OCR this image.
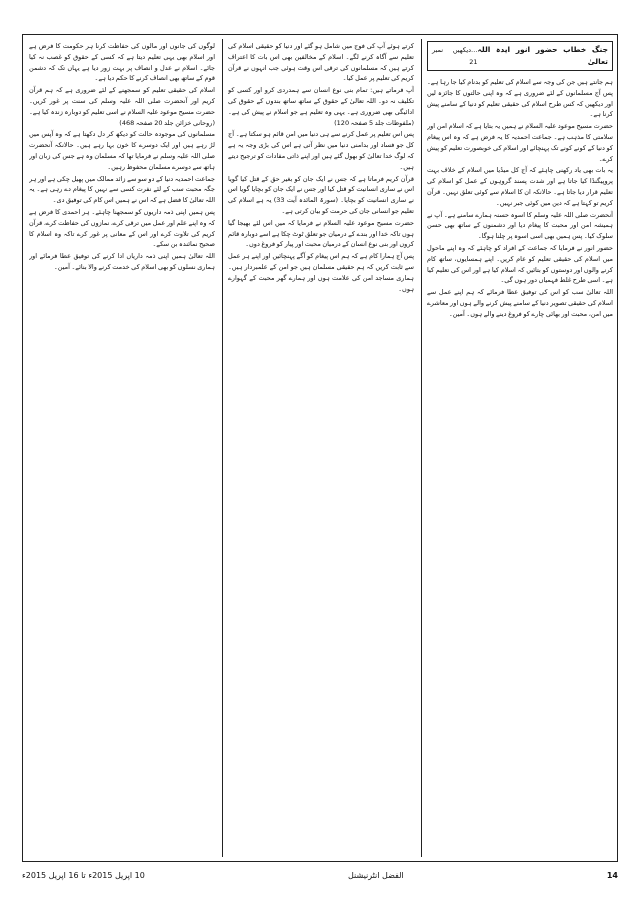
جنگ خطاب حضور انور ایدہ اللہ تعالیٰ
…دیکھیں نمبر 21

ہم جانتے ہیں جن کی وجہ سے اسلام کی تعلیم کو بدنام کیا جا رہا ہے۔ پس آج مسلمانوں کے لئے ضروری ہے کہ وہ اپنی حالتوں کا جائزہ لیں اور دیکھیں کہ کس طرح اسلام کی حقیقی تعلیم کو دنیا کے سامنے پیش کرنا ہے۔

حضرت مسیح موعود علیہ السلام نے ہمیں یہ بتایا ہے کہ اسلام امن اور سلامتی کا مذہب ہے۔ جماعت احمدیہ کا یہ فرض ہے کہ وہ اس پیغام کو دنیا کے کونے کونے تک پہنچائے اور اسلام کی خوبصورت تعلیم کو پیش کرے۔

یہ بات بھی یاد رکھنی چاہئے کہ آج کل میڈیا میں اسلام کے خلاف بہت پروپیگنڈا کیا جاتا ہے اور شدت پسند گروہوں کے عمل کو اسلام کی تعلیم قرار دیا جاتا ہے۔ حالانکہ ان کا اسلام سے کوئی تعلق نہیں۔ قرآن کریم تو کہتا ہے کہ دین میں کوئی جبر نہیں۔

آنحضرت صلی اللہ علیہ وسلم کا اسوہ حسنہ ہمارے سامنے ہے۔ آپ نے ہمیشہ امن اور محبت کا پیغام دیا اور دشمنوں کے ساتھ بھی حسن سلوک کیا۔ پس ہمیں بھی اسی اسوہ پر چلنا ہوگا۔

حضور انور نے فرمایا کہ جماعت کے افراد کو چاہئے کہ وہ اپنے ماحول میں اسلام کی حقیقی تعلیم کو عام کریں۔ اپنے ہمسایوں، ساتھ کام کرنے والوں اور دوستوں کو بتائیں کہ اسلام کیا ہے اور اس کی تعلیم کیا ہے۔ اسی طرح غلط فہمیاں دور ہوں گی۔

اللہ تعالیٰ سب کو اس کی توفیق عطا فرمائے کہ ہم اپنے عمل سے اسلام کی حقیقی تصویر دنیا کے سامنے پیش کرنے والے ہوں اور معاشرے میں امن، محبت اور بھائی چارے کو فروغ دینے والے ہوں۔ آمین۔

کرتے ہوئے آپ کی فوج میں شامل ہو گئے اور دنیا کو حقیقی اسلام کی تعلیم سے آگاہ کرنے لگے۔ اسلام کے مخالفین بھی اس بات کا اعتراف کرتے ہیں کہ مسلمانوں کی ترقی اس وقت ہوئی جب انہوں نے قرآن کریم کی تعلیم پر عمل کیا۔

آپ فرماتے ہیں: تمام بنی نوع انسان سے ہمدردی کرو اور کسی کو تکلیف نہ دو۔ اللہ تعالیٰ کے حقوق کے ساتھ ساتھ بندوں کے حقوق کی ادائیگی بھی ضروری ہے۔ یہی وہ تعلیم ہے جو اسلام نے پیش کی ہے۔ (ملفوظات جلد 5 صفحہ 120)

پس اس تعلیم پر عمل کرنے سے ہی دنیا میں امن قائم ہو سکتا ہے۔ آج کل جو فساد اور بدامنی دنیا میں نظر آتی ہے اس کی بڑی وجہ یہ ہے کہ لوگ خدا تعالیٰ کو بھول گئے ہیں اور اپنے ذاتی مفادات کو ترجیح دیتے ہیں۔

قرآن کریم فرماتا ہے کہ جس نے ایک جان کو بغیر حق کے قتل کیا گویا اس نے ساری انسانیت کو قتل کیا اور جس نے ایک جان کو بچایا گویا اس نے ساری انسانیت کو بچایا۔ (سورۃ المائدہ آیت 33) یہ ہے اسلام کی تعلیم جو انسانی جان کی حرمت کو بیان کرتی ہے۔

حضرت مسیح موعود علیہ السلام نے فرمایا کہ میں اس لئے بھیجا گیا ہوں تاکہ خدا اور بندے کے درمیان جو تعلق ٹوٹ چکا ہے اسے دوبارہ قائم کروں اور بنی نوع انسان کے درمیان محبت اور پیار کو فروغ دوں۔

پس آج ہمارا کام ہے کہ ہم اس پیغام کو آگے پہنچائیں اور اپنے ہر عمل سے ثابت کریں کہ ہم حقیقی مسلمان ہیں جو امن کے علمبردار ہیں۔ ہماری مساجد امن کی علامت ہوں اور ہمارے گھر محبت کے گہوارے ہوں۔

لوگوں کی جانوں اور مالوں کی حفاظت کرنا ہر حکومت کا فرض ہے اور اسلام بھی یہی تعلیم دیتا ہے کہ کسی کے حقوق کو غصب نہ کیا جائے۔ اسلام نے عدل و انصاف پر بہت زور دیا ہے یہاں تک کہ دشمن قوم کے ساتھ بھی انصاف کرنے کا حکم دیا ہے۔

اسلام کی حقیقی تعلیم کو سمجھنے کے لئے ضروری ہے کہ ہم قرآن کریم اور آنحضرت صلی اللہ علیہ وسلم کی سنت پر غور کریں۔ حضرت مسیح موعود علیہ السلام نے اسی تعلیم کو دوبارہ زندہ کیا ہے۔ (روحانی خزائن جلد 20 صفحہ 468)

مسلمانوں کی موجودہ حالت کو دیکھ کر دل دکھتا ہے کہ وہ آپس میں لڑ رہے ہیں اور ایک دوسرے کا خون بہا رہے ہیں۔ حالانکہ آنحضرت صلی اللہ علیہ وسلم نے فرمایا تھا کہ مسلمان وہ ہے جس کی زبان اور ہاتھ سے دوسرے مسلمان محفوظ رہیں۔

جماعت احمدیہ دنیا کے دو سو سے زائد ممالک میں پھیل چکی ہے اور ہر جگہ محبت سب کے لئے نفرت کسی سے نہیں کا پیغام دے رہی ہے۔ یہ اللہ تعالیٰ کا فضل ہے کہ اس نے ہمیں اس کام کی توفیق دی۔

پس ہمیں اپنی ذمہ داریوں کو سمجھنا چاہئے۔ ہر احمدی کا فرض ہے کہ وہ اپنے علم اور عمل میں ترقی کرے، نمازوں کی حفاظت کرے، قرآن کریم کی تلاوت کرے اور اس کے معانی پر غور کرے تاکہ وہ اسلام کا صحیح نمائندہ بن سکے۔

اللہ تعالیٰ ہمیں اپنی ذمہ داریاں ادا کرنے کی توفیق عطا فرمائے اور ہماری نسلوں کو بھی اسلام کی خدمت کرنے والا بنائے۔ آمین۔

14
الفضل انٹرنیشنل
10 اپریل 2015ء تا 16 اپریل 2015ء
